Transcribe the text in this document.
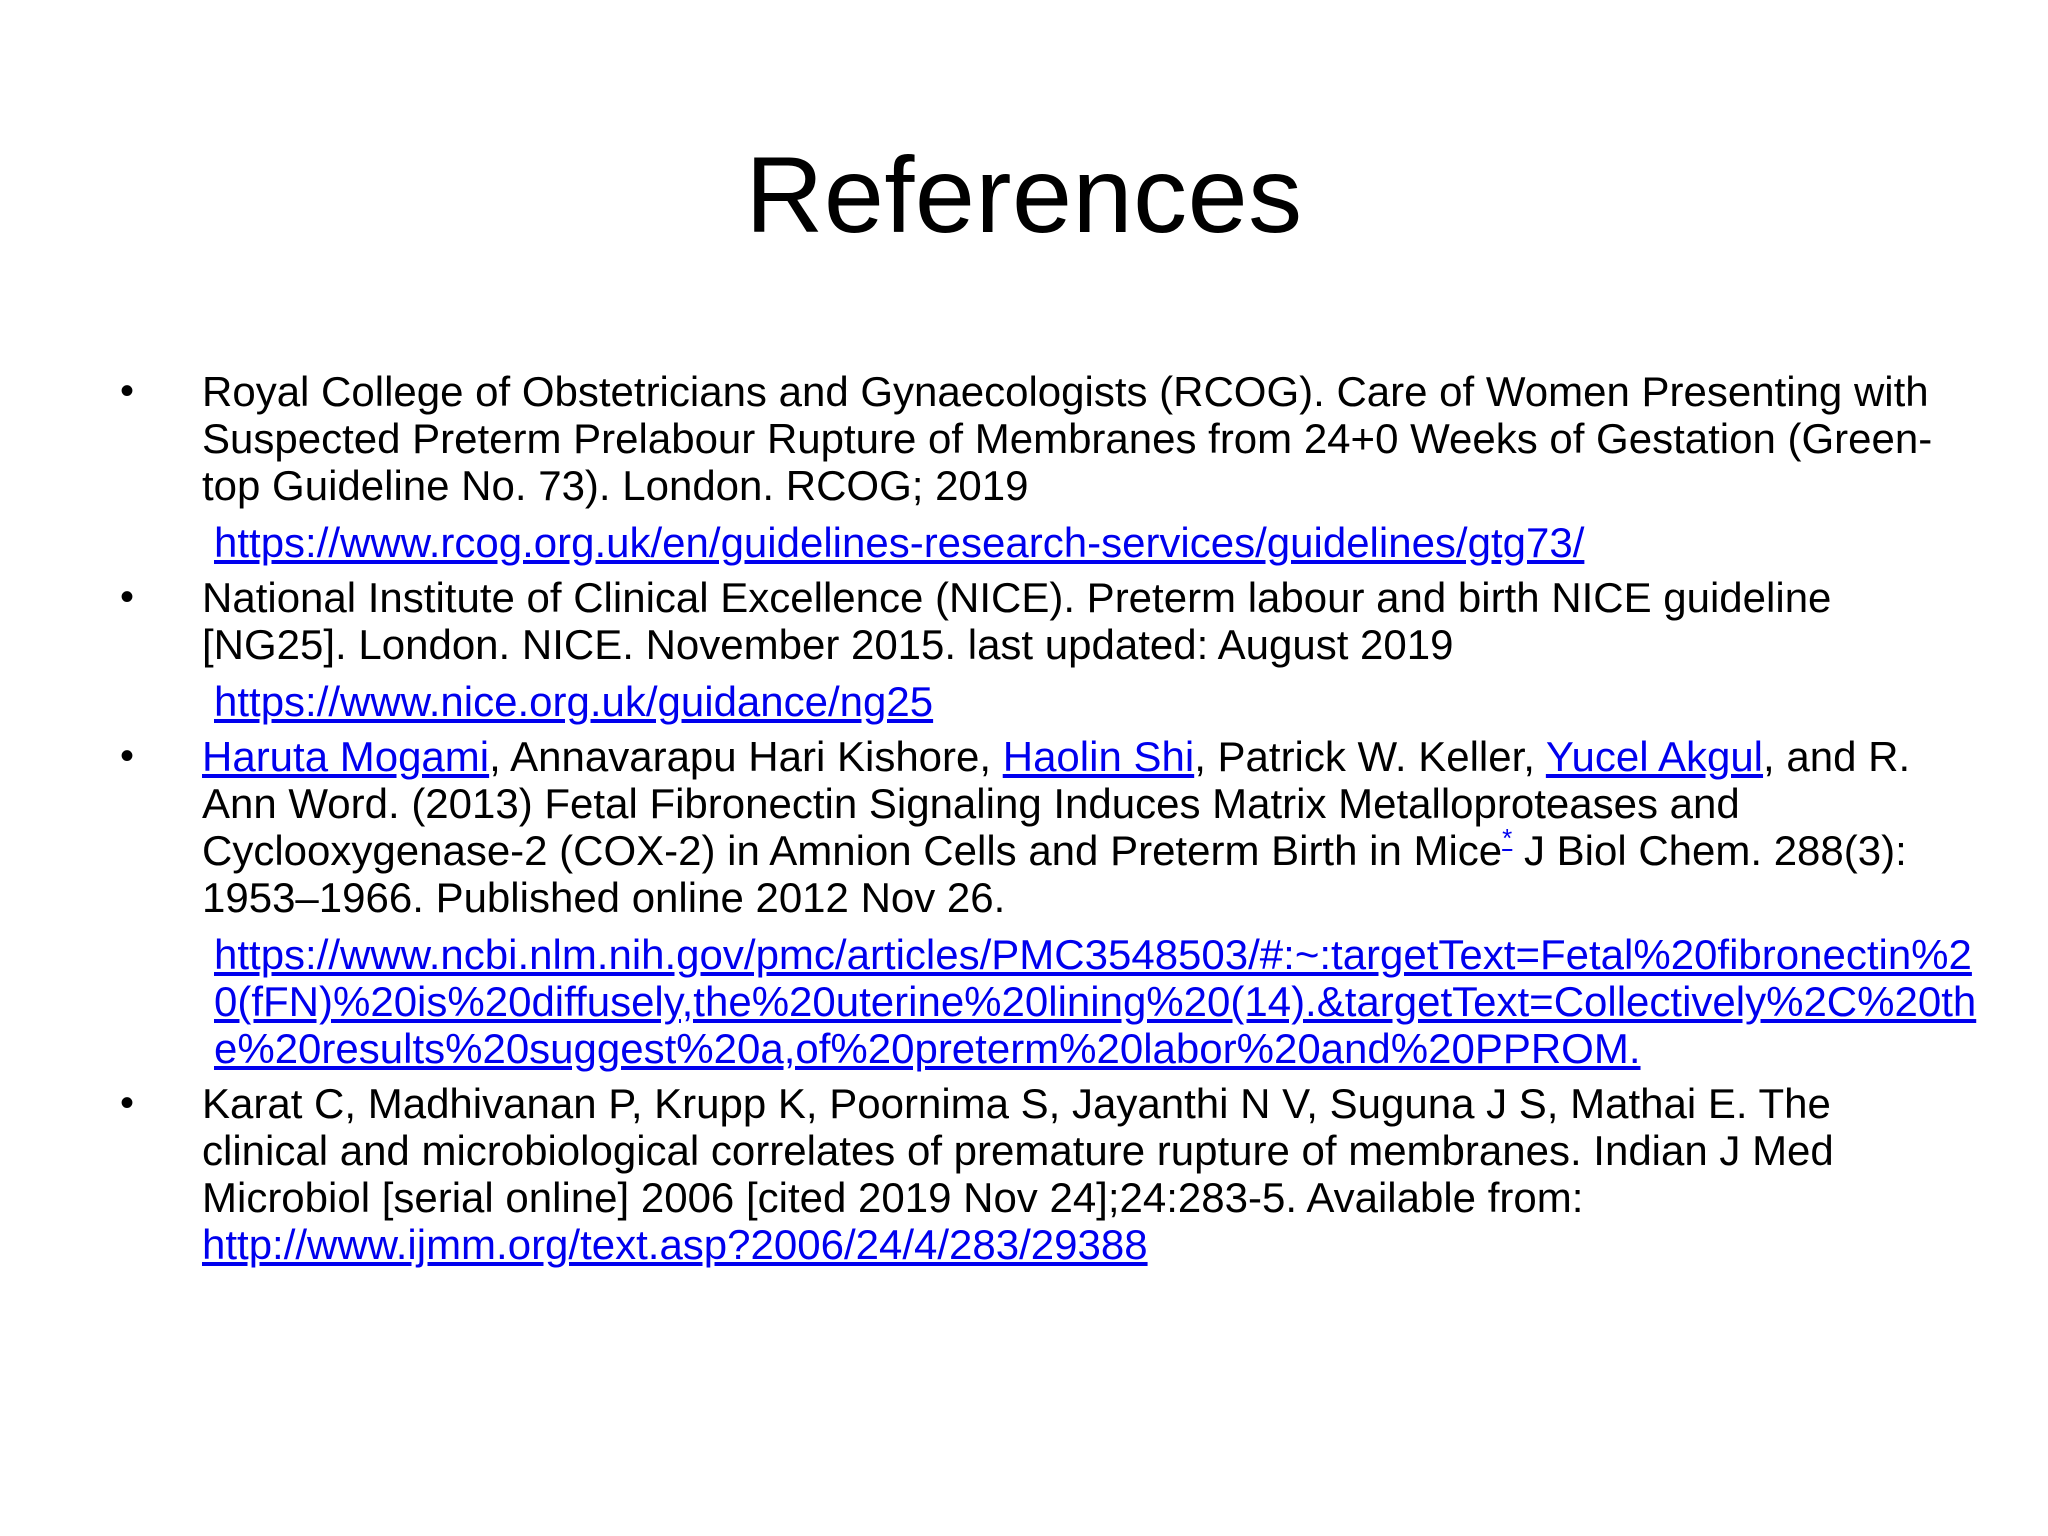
References
•	Royal College of Obstetricians and Gynaecologists (RCOG). Care of Women Presenting with Suspected Preterm Prelabour Rupture of Membranes from 24+0 Weeks of Gestation (Green-top Guideline No. 73). London. RCOG; 2019
https://www.rcog.org.uk/en/guidelines-research-services/guidelines/gtg73/
•	National Institute of Clinical Excellence (NICE). Preterm labour and birth NICE guideline [NG25]. London. NICE. November 2015. last updated: August 2019
https://www.nice.org.uk/guidance/ng25
•	Haruta Mogami, Annavarapu Hari Kishore, Haolin Shi, Patrick W. Keller, Yucel Akgul, and R. Ann Word. (2013) Fetal Fibronectin Signaling Induces Matrix Metalloproteases and Cyclooxygenase-2 (COX-2) in Amnion Cells and Preterm Birth in Mice* J Biol Chem. 288(3): 1953–1966. Published online 2012 Nov 26.
https://www.ncbi.nlm.nih.gov/pmc/articles/PMC3548503/#:~:targetText=Fetal%20fibronectin%20(fFN)%20is%20diffusely,the%20uterine%20lining%20(14).&targetText=Collectively%2C%20the%20results%20suggest%20a,of%20preterm%20labor%20and%20PPROM.
•	Karat C, Madhivanan P, Krupp K, Poornima S, Jayanthi N V, Suguna J S, Mathai E. The clinical and microbiological correlates of premature rupture of membranes. Indian J Med Microbiol [serial online] 2006 [cited 2019 Nov 24];24:283-5. Available from: http://www.ijmm.org/text.asp?2006/24/4/283/29388
